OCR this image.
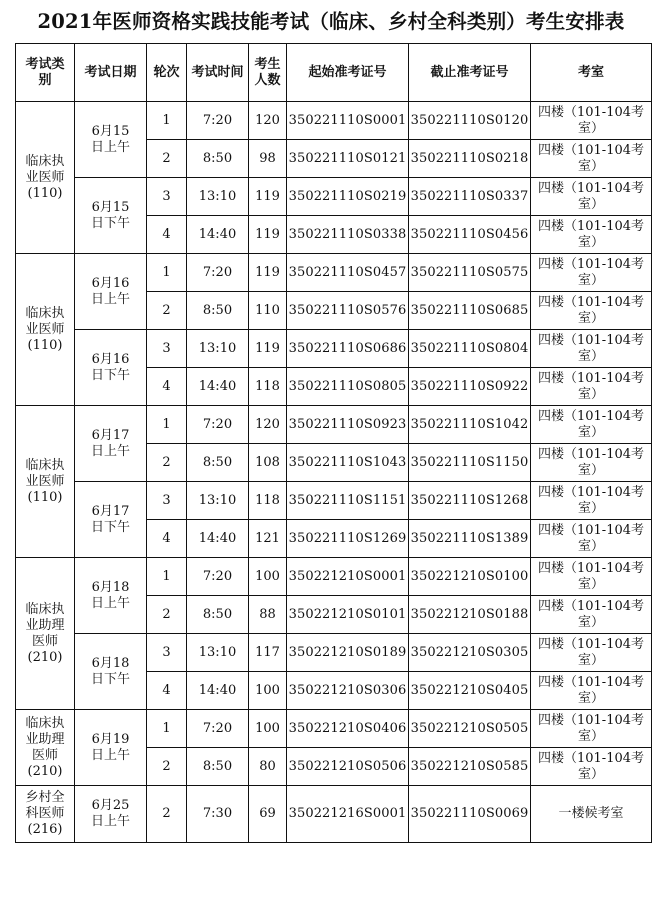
2021年医师资格实践技能考试（临床、乡村全科类别）考生安排表
考试类别	考试日期	轮次	考试时间	考生人数	起始准考证号	截止准考证号	考室
临床执业医师(110)	6月15日上午	1	7:20	120	350221110S0001	350221110S0120	四楼（101-104考室）
		2	8:50	98	350221110S0121	350221110S0218	四楼（101-104考室）
	6月15日下午	3	13:10	119	350221110S0219	350221110S0337	四楼（101-104考室）
		4	14:40	119	350221110S0338	350221110S0456	四楼（101-104考室）
临床执业医师(110)	6月16日上午	1	7:20	119	350221110S0457	350221110S0575	四楼（101-104考室）
		2	8:50	110	350221110S0576	350221110S0685	四楼（101-104考室）
	6月16日下午	3	13:10	119	350221110S0686	350221110S0804	四楼（101-104考室）
		4	14:40	118	350221110S0805	350221110S0922	四楼（101-104考室）
临床执业医师(110)	6月17日上午	1	7:20	120	350221110S0923	350221110S1042	四楼（101-104考室）
		2	8:50	108	350221110S1043	350221110S1150	四楼（101-104考室）
	6月17日下午	3	13:10	118	350221110S1151	350221110S1268	四楼（101-104考室）
		4	14:40	121	350221110S1269	350221110S1389	四楼（101-104考室）
临床执业助理医师(210)	6月18日上午	1	7:20	100	350221210S0001	350221210S0100	四楼（101-104考室）
		2	8:50	88	350221210S0101	350221210S0188	四楼（101-104考室）
	6月18日下午	3	13:10	117	350221210S0189	350221210S0305	四楼（101-104考室）
		4	14:40	100	350221210S0306	350221210S0405	四楼（101-104考室）
临床执业助理医师(210)	6月19日上午	1	7:20	100	350221210S0406	350221210S0505	四楼（101-104考室）
		2	8:50	80	350221210S0506	350221210S0585	四楼（101-104考室）
乡村全科医师(216)	6月25日上午	2	7:30	69	350221216S0001	350221110S0069	一楼候考室
